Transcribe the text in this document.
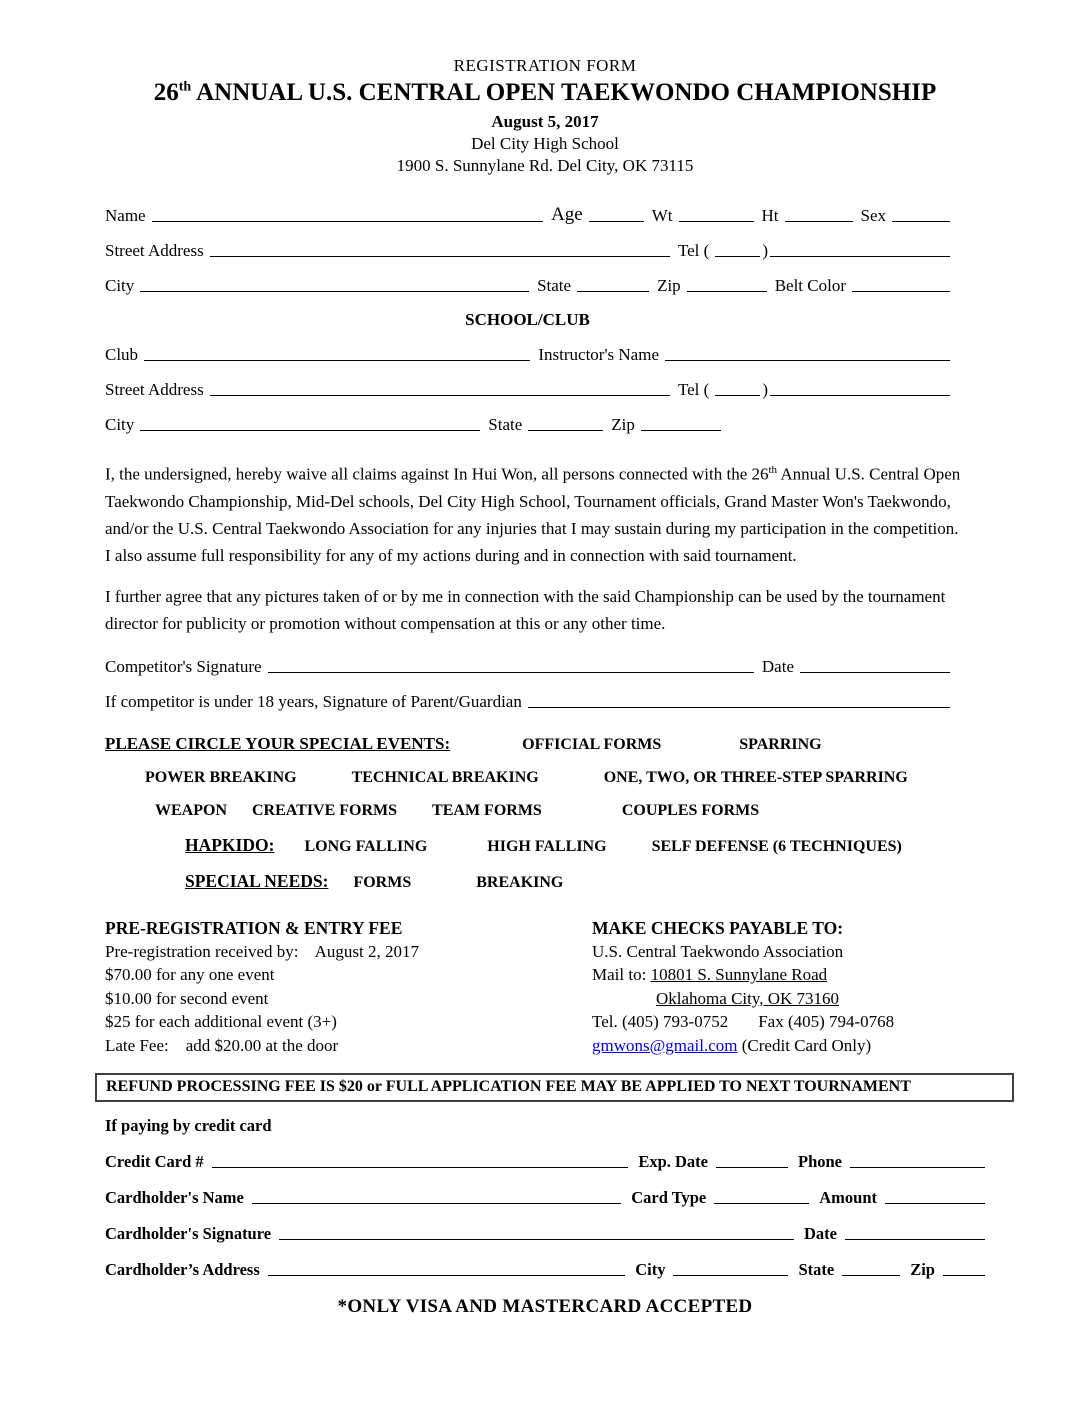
REGISTRATION FORM
26th ANNUAL U.S. CENTRAL OPEN TAEKWONDO CHAMPIONSHIP
August 5, 2017
Del City High School
1900 S. Sunnylane Rd. Del City, OK 73115
Name	Age	Wt	Ht	Sex
Street Address	Tel (	)
City	State	Zip	Belt Color
SCHOOL/CLUB
Club	Instructor's Name
Street Address	Tel (	)
City	State	Zip
I, the undersigned, hereby waive all claims against In Hui Won, all persons connected with the 26th Annual U.S. Central Open Taekwondo Championship, Mid-Del schools, Del City High School, Tournament officials, Grand Master Won's Taekwondo, and/or the U.S. Central Taekwondo Association for any injuries that I may sustain during my participation in the competition.    I also assume full responsibility for any of my actions during and in connection with said tournament.
I further agree that any pictures taken of or by me in connection with the said Championship can be used by the tournament director for publicity or promotion without compensation at this or any other time.
Competitor's Signature	Date
If competitor is under 18 years, Signature of Parent/Guardian
PLEASE CIRCLE YOUR SPECIAL EVENTS:	OFFICIAL FORMS	SPARRING
POWER BREAKING	TECHNICAL BREAKING	ONE, TWO, OR THREE-STEP SPARRING
WEAPON CREATIVE FORMS TEAM FORMS	COUPLES FORMS
HAPKIDO: LONG FALLING	HIGH FALLING	SELF DEFENSE (6 TECHNIQUES)
SPECIAL NEEDS: FORMS	BREAKING
PRE-REGISTRATION & ENTRY FEE
Pre-registration received by:    August 2, 2017
$70.00 for any one event
$10.00 for second event
$25 for each additional event (3+)
Late Fee:    add $20.00 at the door
MAKE CHECKS PAYABLE TO:
U.S. Central Taekwondo Association
Mail to: 10801 S. Sunnylane Road
Oklahoma City, OK 73160
Tel. (405) 793-0752 Fax (405) 794-0768
gmwons@gmail.com (Credit Card Only)
REFUND PROCESSING FEE IS $20 or FULL APPLICATION FEE MAY BE APPLIED TO NEXT TOURNAMENT
If paying by credit card
Credit Card #	Exp. Date	Phone
Cardholder's Name	Card Type	Amount
Cardholder's Signature	Date
Cardholder’s Address	City	State	Zip
*ONLY VISA AND MASTERCARD ACCEPTED
